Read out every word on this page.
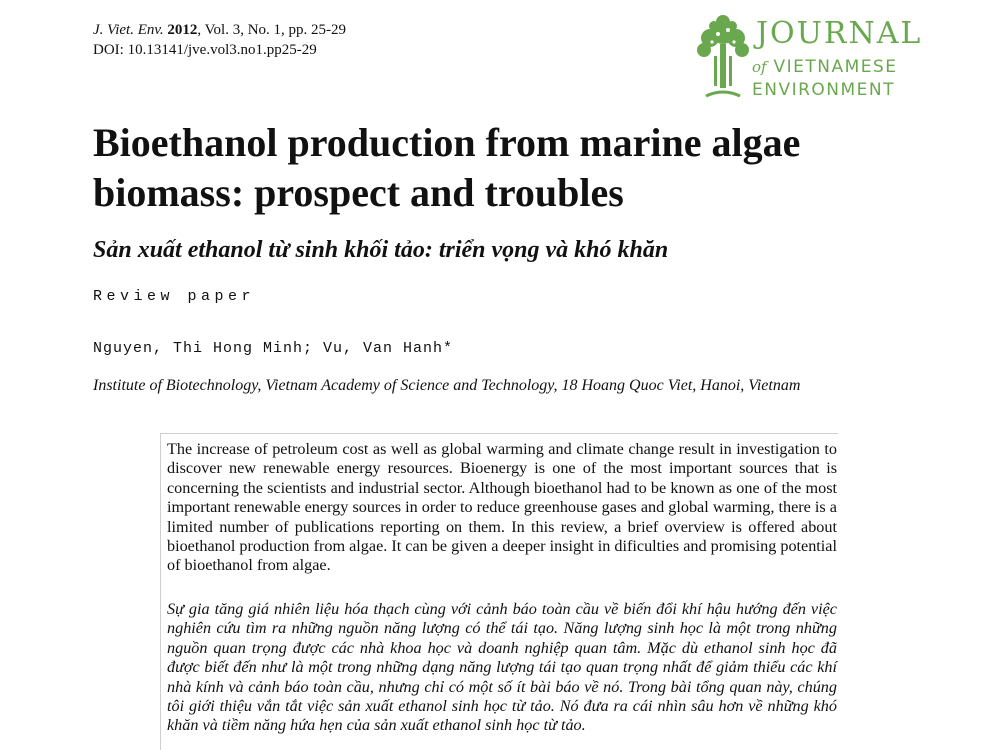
J. Viet. Env. 2012, Vol. 3, No. 1, pp. 25-29
DOI: 10.13141/jve.vol3.no1.pp25-29	JOURNAL
of VIETNAMESE
ENVIRONMENT
Bioethanol production from marine algae biomass: prospect and troubles
Sản xuất ethanol từ sinh khối tảo: triển vọng và khó khăn
Review paper
Nguyen, Thi Hong Minh; Vu, Van Hanh*
Institute of Biotechnology, Vietnam Academy of Science and Technology, 18 Hoang Quoc Viet, Hanoi, Vietnam

The increase of petroleum cost as well as global warming and climate change result in investigation to discover new renewable energy resources. Bioenergy is one of the most important sources that is concerning the scientists and industrial sector. Although bioethanol had to be known as one of the most important renewable energy sources in order to reduce greenhouse gases and global warming, there is a limited number of publications reporting on them. In this review, a brief overview is offered about bioethanol production from algae. It can be given a deeper insight in dificulties and promising potential of bioethanol from algae.

Sự gia tăng giá nhiên liệu hóa thạch cùng với cảnh báo toàn cầu về biến đổi khí hậu hướng đến việc nghiên cứu tìm ra những nguồn năng lượng có thể tái tạo. Năng lượng sinh học là một trong những nguồn quan trọng được các nhà khoa học và doanh nghiệp quan tâm. Mặc dù ethanol sinh học đã được biết đến như là một trong những dạng năng lượng tái tạo quan trọng nhất để giảm thiểu các khí nhà kính và cảnh báo toàn cầu, nhưng chỉ có một số ít bài báo về nó. Trong bài tổng quan này, chúng tôi giới thiệu vắn tắt việc sản xuất ethanol sinh học từ tảo. Nó đưa ra cái nhìn sâu hơn về những khó khăn và tiềm năng hứa hẹn của sản xuất ethanol sinh học từ tảo.
